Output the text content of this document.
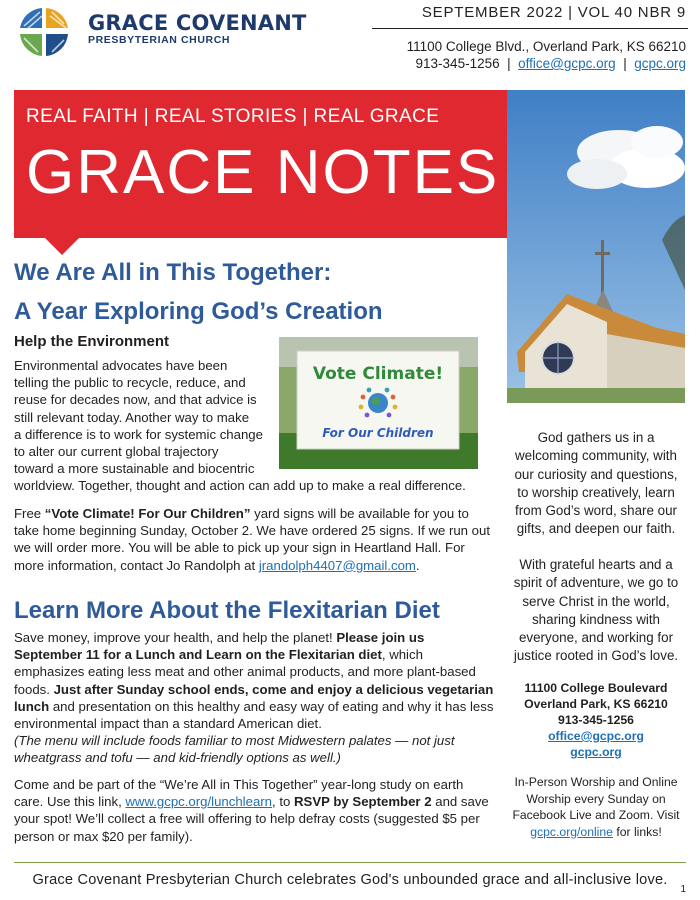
GRACE COVENANT
PRESBYTERIAN CHURCH
SEPTEMBER 2022 | VOL 40 NBR 9
11100 College Blvd., Overland Park, KS 66210
913-345-1256 | office@gcpc.org | gcpc.org
REAL FAITH | REAL STORIES | REAL GRACE
GRACE NOTES
We Are All in This Together:
A Year Exploring God’s Creation
Help the Environment
Environmental advocates have been
telling the public to recycle, reduce, and
reuse for decades now, and that advice is
still relevant today. Another way to make
a difference is to work for systemic change
to alter our current global trajectory
toward a more sustainable and biocentric
worldview. Together, thought and action can add up to make a real difference.
Vote Climate!
For Our Children
Free “Vote Climate! For Our Children” yard signs will be available for you to take home beginning Sunday, October 2. We have ordered 25 signs. If we run out we will order more. You will be able to pick up your sign in Heartland Hall. For more information, contact Jo Randolph at jrandolph4407@gmail.com.
Learn More About the Flexitarian Diet
Save money, improve your health, and help the planet! Please join us September 11 for a Lunch and Learn on the Flexitarian diet, which emphasizes eating less meat and other animal products, and more plant-based foods. Just after Sunday school ends, come and enjoy a delicious vegetarian lunch and presentation on this healthy and easy way of eating and why it has less environmental impact than a standard American diet.
(The menu will include foods familiar to most Midwestern palates — not just wheatgrass and tofu — and kid-friendly options as well.)
Come and be part of the “We’re All in This Together” year-long study on earth care. Use this link, www.gcpc.org/lunchlearn, to RSVP by September 2 and save your spot! We’ll collect a free will offering to help defray costs (suggested $5 per person or max $20 per family).
God gathers us in a welcoming community, with our curiosity and questions, to worship creatively, learn from God’s word, share our gifts, and deepen our faith.
With grateful hearts and a spirit of adventure, we go to serve Christ in the world, sharing kindness with everyone, and working for justice rooted in God’s love.
11100 College Boulevard
Overland Park, KS 66210
913-345-1256
office@gcpc.org
gcpc.org
In-Person Worship and Online Worship every Sunday on Facebook Live and Zoom. Visit gcpc.org/online for links!
Grace Covenant Presbyterian Church celebrates God's unbounded grace and all-inclusive love.
1
